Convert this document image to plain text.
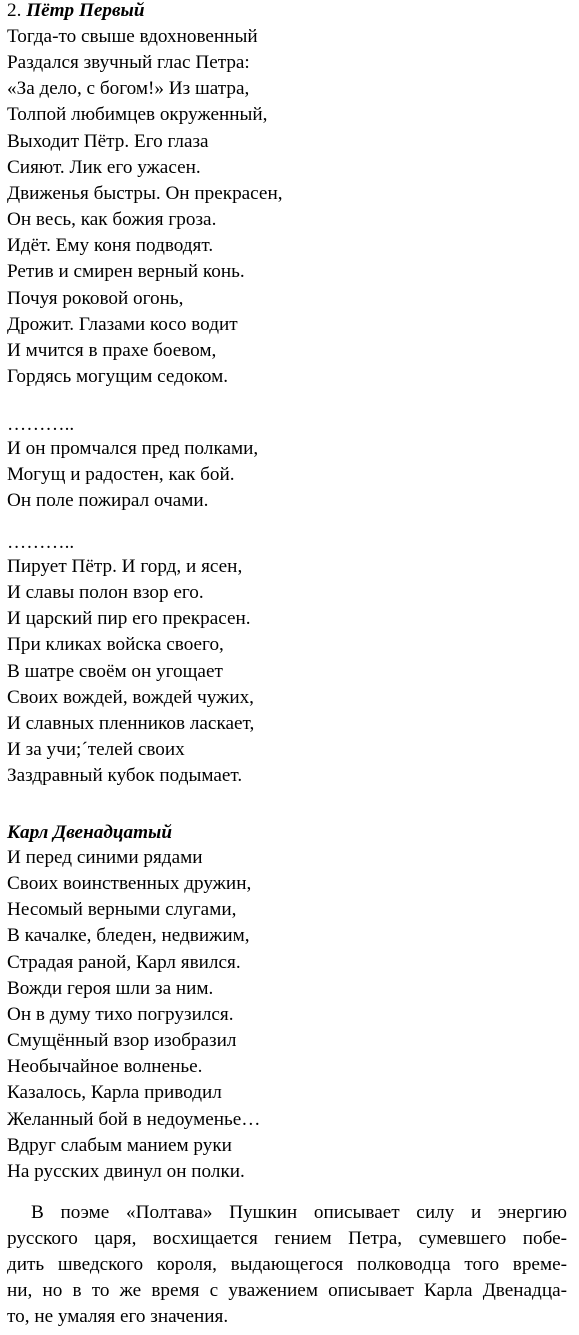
2. Пётр Первый
Тогда-то свыше вдохновенный
Раздался звучный глас Петра:
«За дело, с богом!» Из шатра,
Толпой любимцев окруженный,
Выходит Пётр. Его глаза
Сияют. Лик его ужасен.
Движенья быстры. Он прекрасен,
Он весь, как божия гроза.
Идёт. Ему коня подводят.
Ретив и смирен верный конь.
Почуя роковой огонь,
Дрожит. Глазами косо водит
И мчится в прахе боевом,
Гордясь могущим седоком.
………..
И он промчался пред полками,
Могущ и радостен, как бой.
Он поле пожирал очами.
………..
Пирует Пётр. И горд, и ясен,
И славы полон взор его.
И царский пир его прекрасен.
При кликах войска своего,
В шатре своём он угощает
Своих вождей, вождей чужих,
И славных пленников ласкает,
И за учи;´телей своих
Заздравный кубок подымает.
Карл Двенадцатый
И перед синими рядами
Своих воинственных дружин,
Несомый верными слугами,
В качалке, бледен, недвижим,
Страдая раной, Карл явился.
Вожди героя шли за ним.
Он в думу тихо погрузился.
Смущённый взор изобразил
Необычайное волненье.
Казалось, Карла приводил
Желанный бой в недоуменье…
Вдруг слабым манием руки
На русских двинул он полки.
В поэме «Полтава» Пушкин описывает силу и энергию
русского царя, восхищается гением Петра, сумевшего побе-
дить шведского короля, выдающегося полководца того време-
ни, но в то же время с уважением описывает Карла Двенадца-
то, не умаляя его значения.
